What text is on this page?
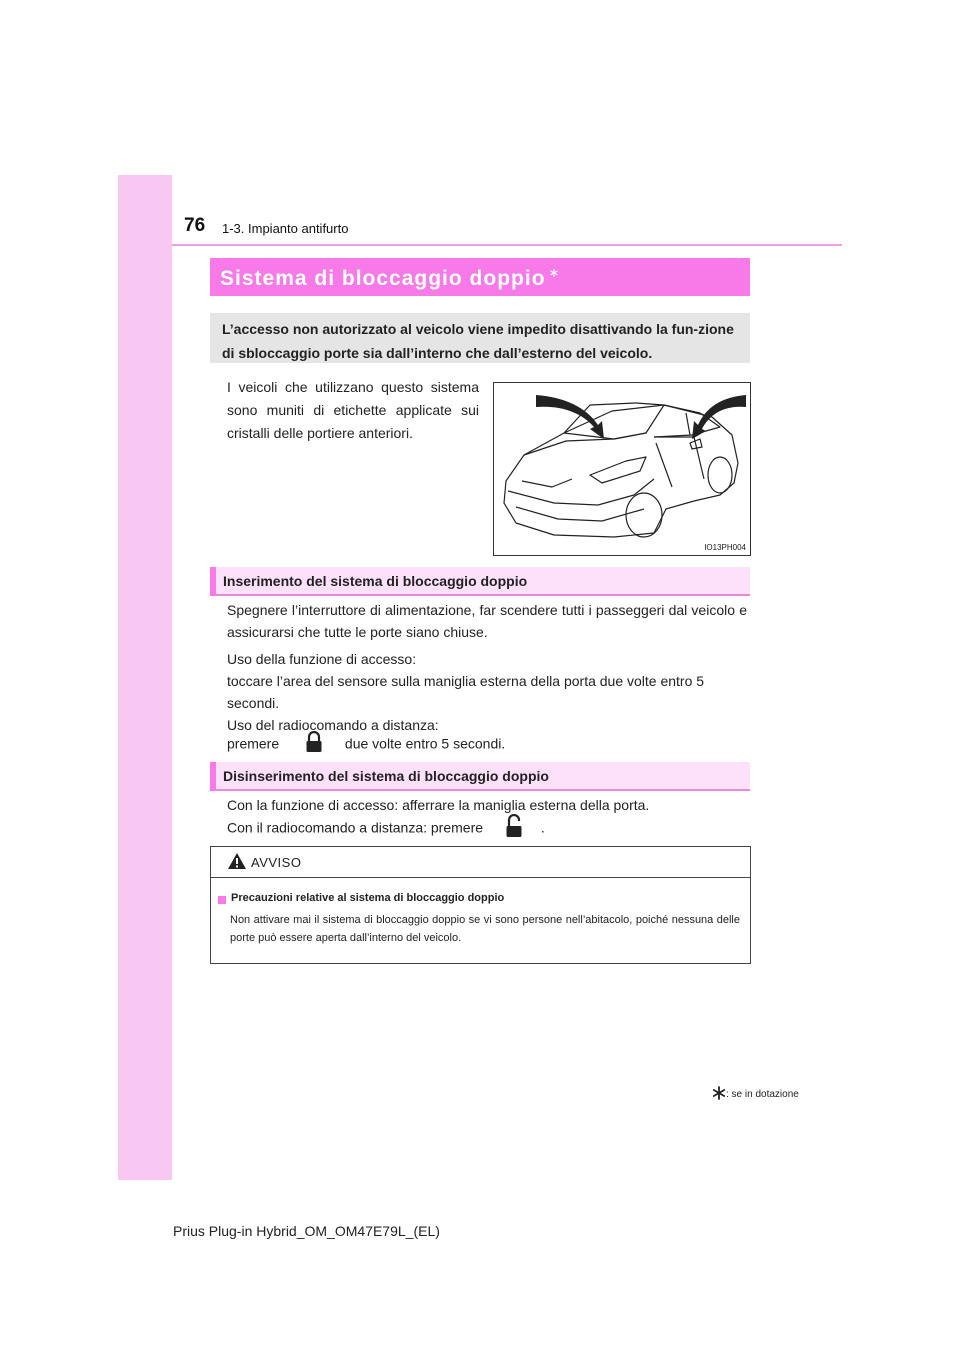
76 1-3. Impianto antifurto
Sistema di bloccaggio doppio ∗
L’accesso non autorizzato al veicolo viene impedito disattivando la fun-zione di sbloccaggio porte sia dall’interno che dall’esterno del veicolo.
I veicoli che utilizzano questo sistema sono muniti di etichette applicate sui cristalli delle portiere anteriori.
IO13PH004
Inserimento del sistema di bloccaggio doppio
Spegnere l’interruttore di alimentazione, far scendere tutti i passeggeri dal veicolo e assicurarsi che tutte le porte siano chiuse.
Uso della funzione di accesso:
toccare l’area del sensore sulla maniglia esterna della porta due volte entro 5 secondi.
Uso del radiocomando a distanza:
premere	due volte entro 5 secondi.
Disinserimento del sistema di bloccaggio doppio
Con la funzione di accesso: afferrare la maniglia esterna della porta.
Con il radiocomando a distanza: premere	.
AVVISO
Precauzioni relative al sistema di bloccaggio doppio
Non attivare mai il sistema di bloccaggio doppio se vi sono persone nell’abitacolo, poiché nessuna delle porte può essere aperta dall’interno del veicolo.
: se in dotazione
Prius Plug-in Hybrid_OM_OM47E79L_(EL)
